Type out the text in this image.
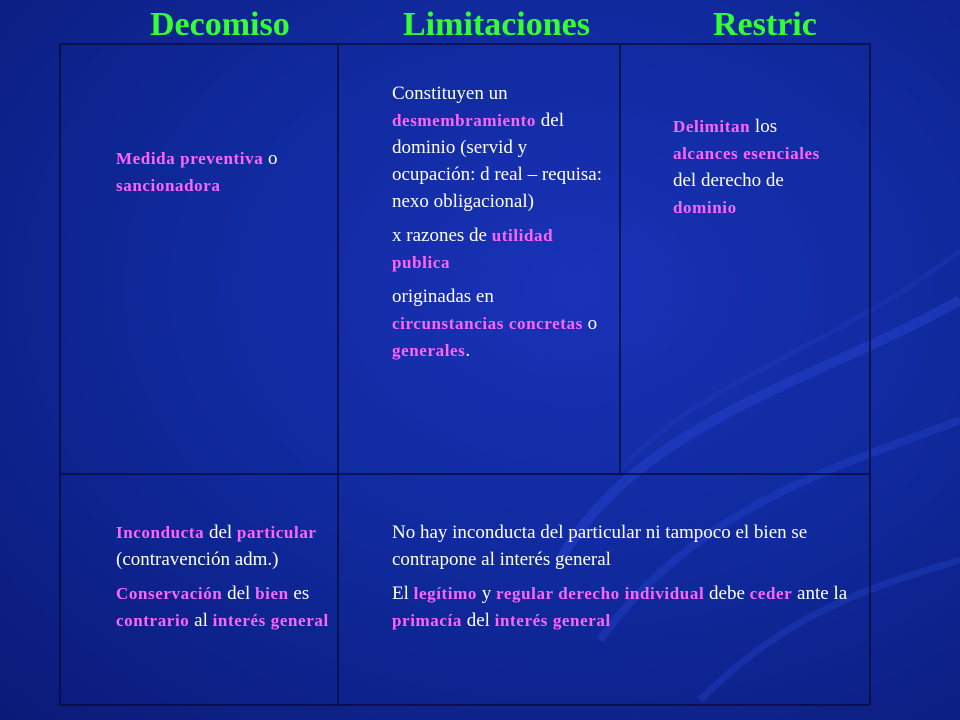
Decomiso	Limitaciones	Restric

Medida preventiva o sancionadora

Constituyen un desmembramiento del dominio (servid y ocupación: d real – requisa: nexo obligacional)

x razones de utilidad publica

originadas en circunstancias concretas o generales.

Delimitan los alcances esenciales del derecho de dominio

Inconducta del particular (contravención adm.)

Conservación del bien es contrario al interés general

No hay inconducta del particular ni tampoco el bien se contrapone al interés general

El legítimo y regular derecho individual debe ceder ante la primacía del interés general
